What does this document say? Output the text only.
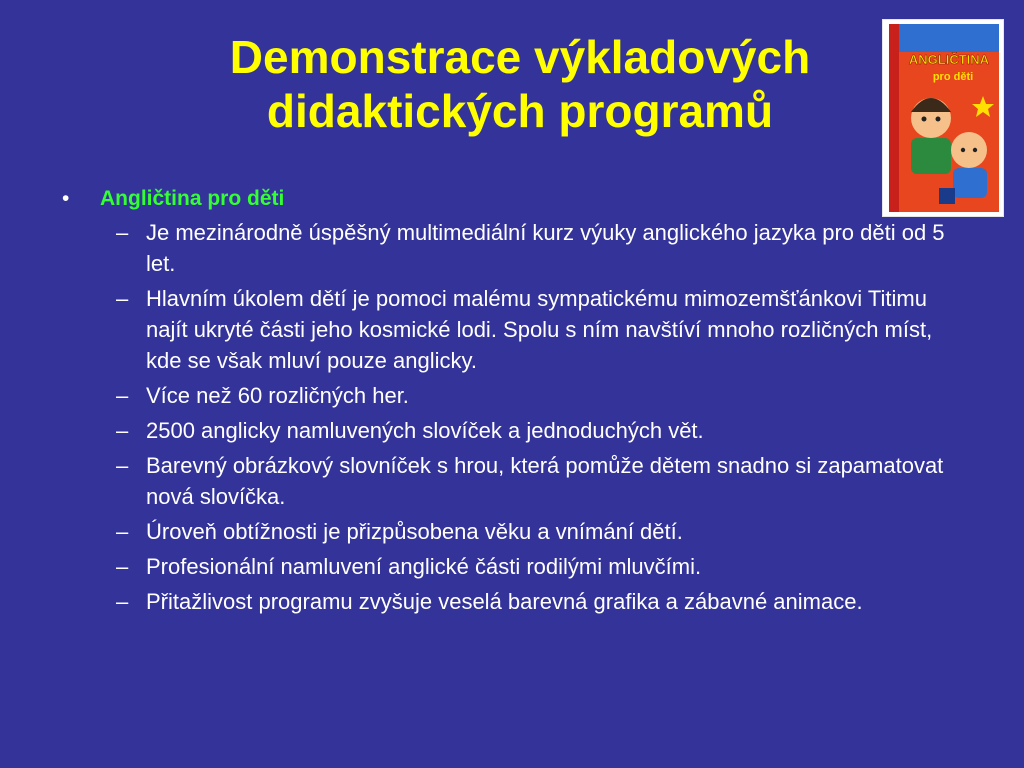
Demonstrace výkladových
didaktických programů
ANGLIČTINA
pro děti
• Angličtina pro děti
– Je mezinárodně úspěšný multimediální kurz výuky anglického jazyka pro děti od 5 let.
– Hlavním úkolem dětí je pomoci malému sympatickému mimozemšťánkovi Titimu najít ukryté části jeho kosmické lodi. Spolu s ním navštíví mnoho rozličných míst, kde se však mluví pouze anglicky.
– Více než 60 rozličných her.
– 2500 anglicky namluvených slovíček a jednoduchých vět.
– Barevný obrázkový slovníček s hrou, která pomůže dětem snadno si zapamatovat nová slovíčka.
– Úroveň obtížnosti je přizpůsobena věku a vnímání dětí.
– Profesionální namluvení anglické části rodilými mluvčími.
– Přitažlivost programu zvyšuje veselá barevná grafika a zábavné animace.
